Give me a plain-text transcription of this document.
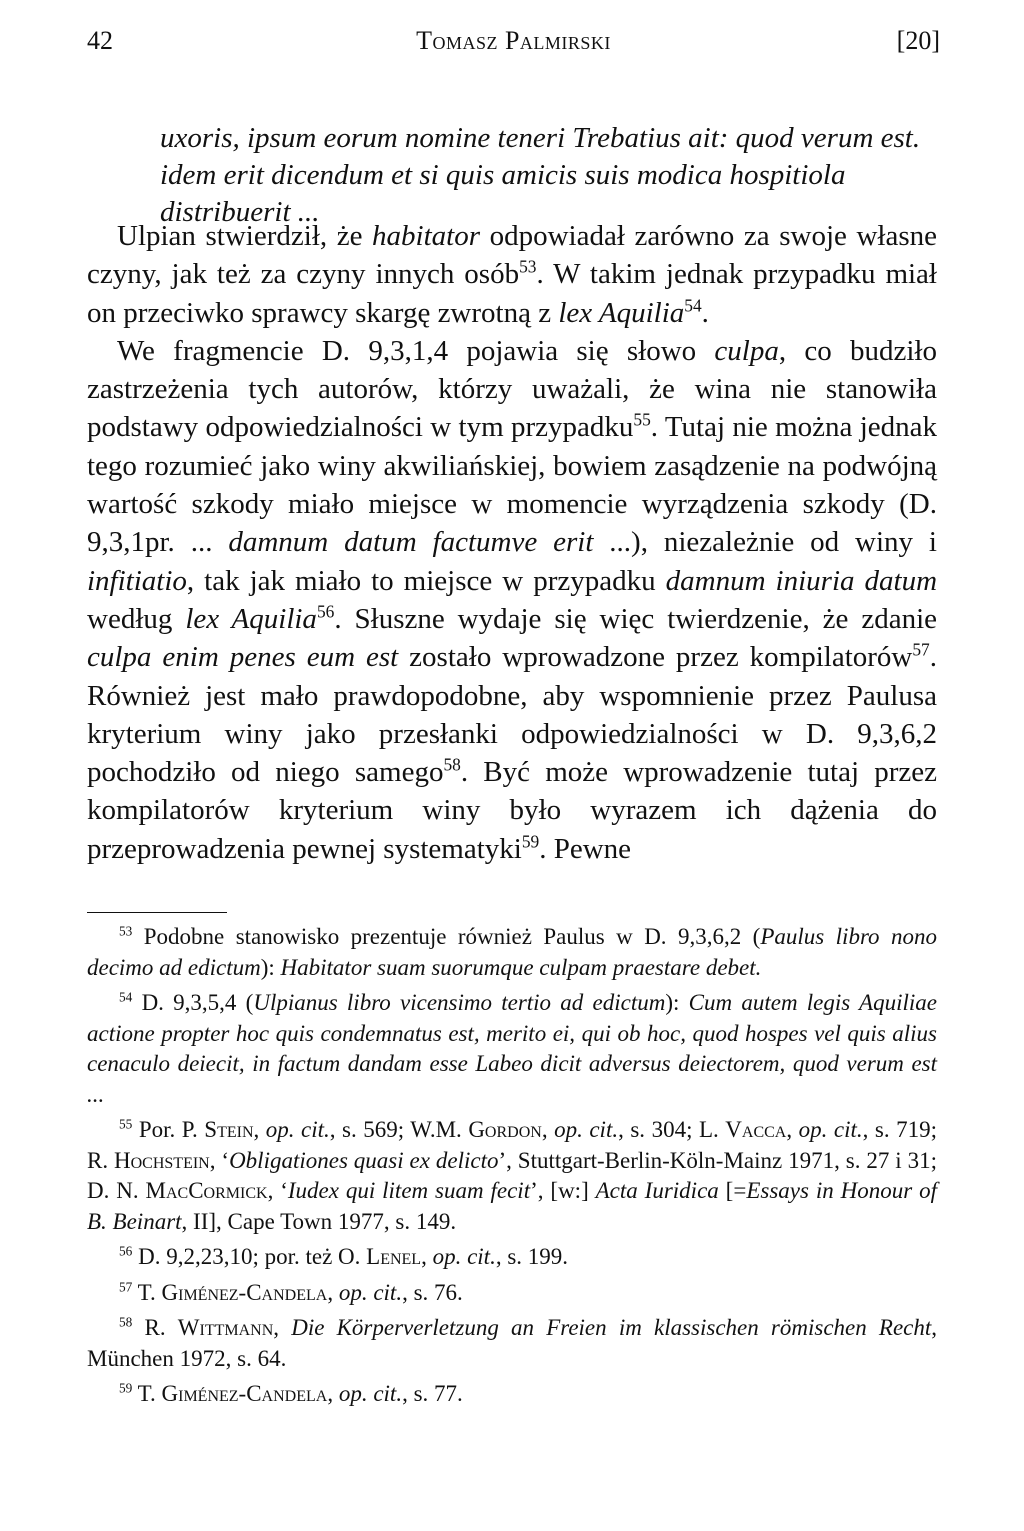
42	Tomasz Palmirski	[20]

uxoris, ipsum eorum nomine teneri Trebatius ait: quod verum est. idem erit dicendum et si quis amicis suis modica hospitiola distribuerit ...

Ulpian stwierdził, że habitator odpowiadał zarówno za swoje własne czyny, jak też za czyny innych osób$^{53}$. W takim jednak przypadku miał on przeciwko sprawcy skargę zwrotną z lex Aquilia$^{54}$.

We fragmencie D. 9,3,1,4 pojawia się słowo culpa, co budziło zastrzeżenia tych autorów, którzy uważali, że wina nie stanowiła podstawy odpowiedzialności w tym przypadku$^{55}$. Tutaj nie można jednak tego rozumieć jako winy akwiliańskiej, bowiem zasądzenie na podwójną wartość szkody miało miejsce w momencie wyrządzenia szkody (D. 9,3,1pr. ... damnum datum factumve erit ...), niezależnie od winy i infitiatio, tak jak miało to miejsce w przypadku damnum iniuria datum według lex Aquilia$^{56}$. Słuszne wydaje się więc twierdzenie, że zdanie culpa enim penes eum est zostało wprowadzone przez kompilatorów$^{57}$. Również jest mało prawdopodobne, aby wspomnienie przez Paulusa kryterium winy jako przesłanki odpowiedzialności w D. 9,3,6,2 pochodziło od niego samego$^{58}$. Być może wprowadzenie tutaj przez kompilatorów kryterium winy było wyrazem ich dążenia do przeprowadzenia pewnej systematyki$^{59}$. Pewne

$^{53}$ Podobne stanowisko prezentuje również Paulus w D. 9,3,6,2 (Paulus libro nono decimo ad edictum): Habitator suam suorumque culpam praestare debet.

$^{54}$ D. 9,3,5,4 (Ulpianus libro vicensimo tertio ad edictum): Cum autem legis Aquiliae actione propter hoc quis condemnatus est, merito ei, qui ob hoc, quod hospes vel quis alius cenaculo deiecit, in factum dandam esse Labeo dicit adversus deiectorem, quod verum est ...

$^{55}$ Por. P. Stein, op. cit., s. 569; W.M. Gordon, op. cit., s. 304; L. Vacca, op. cit., s. 719; R. Hochstein, ‘Obligationes quasi ex delicto’, Stuttgart-Berlin-Köln-Mainz 1971, s. 27 i 31; D. N. MacCormick, ‘Iudex qui litem suam fecit’, [w:] Acta Iuridica [=Essays in Honour of B. Beinart, II], Cape Town 1977, s. 149.

$^{56}$ D. 9,2,23,10; por. też O. Lenel, op. cit., s. 199.

$^{57}$ T. Giménez-Candela, op. cit., s. 76.

$^{58}$ R. Wittmann, Die Körperverletzung an Freien im klassischen römischen Recht, München 1972, s. 64.

$^{59}$ T. Giménez-Candela, op. cit., s. 77.
